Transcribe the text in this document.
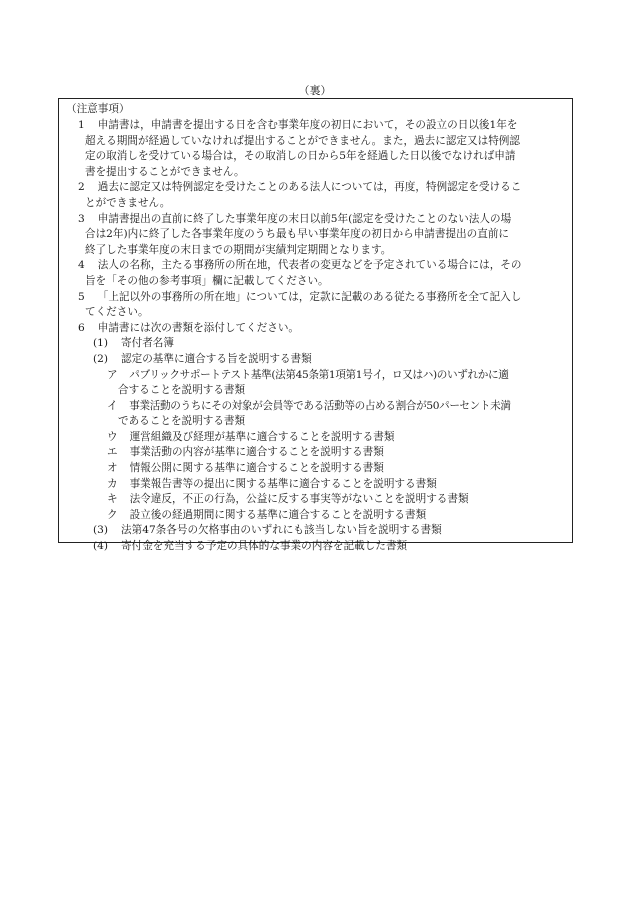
（裏）
（注意事項）
1 申請書は，申請書を提出する日を含む事業年度の初日において，その設立の日以後1年を
超える期間が経過していなければ提出することができません。また，過去に認定又は特例認
定の取消しを受けている場合は，その取消しの日から5年を経過した日以後でなければ申請
書を提出することができません。
2 過去に認定又は特例認定を受けたことのある法人については，再度，特例認定を受けるこ
とができません。
3 申請書提出の直前に終了した事業年度の末日以前5年(認定を受けたことのない法人の場
合は2年)内に終了した各事業年度のうち最も早い事業年度の初日から申請書提出の直前に
終了した事業年度の末日までの期間が実績判定期間となります。
4 法人の名称，主たる事務所の所在地，代表者の変更などを予定されている場合には，その
旨を「その他の参考事項」欄に記載してください。
5 「上記以外の事務所の所在地」については，定款に記載のある従たる事務所を全て記入し
てください。
6 申請書には次の書類を添付してください。
(1) 寄付者名簿
(2) 認定の基準に適合する旨を説明する書類
ア パブリックサポートテスト基準(法第45条第1項第1号イ，ロ又はハ)のいずれかに適
合することを説明する書類
イ 事業活動のうちにその対象が会員等である活動等の占める割合が50パーセント未満
であることを説明する書類
ウ 運営組織及び経理が基準に適合することを説明する書類
エ 事業活動の内容が基準に適合することを説明する書類
オ 情報公開に関する基準に適合することを説明する書類
カ 事業報告書等の提出に関する基準に適合することを説明する書類
キ 法令違反，不正の行為，公益に反する事実等がないことを説明する書類
ク 設立後の経過期間に関する基準に適合することを説明する書類
(3) 法第47条各号の欠格事由のいずれにも該当しない旨を説明する書類
(4) 寄付金を充当する予定の具体的な事業の内容を記載した書類
